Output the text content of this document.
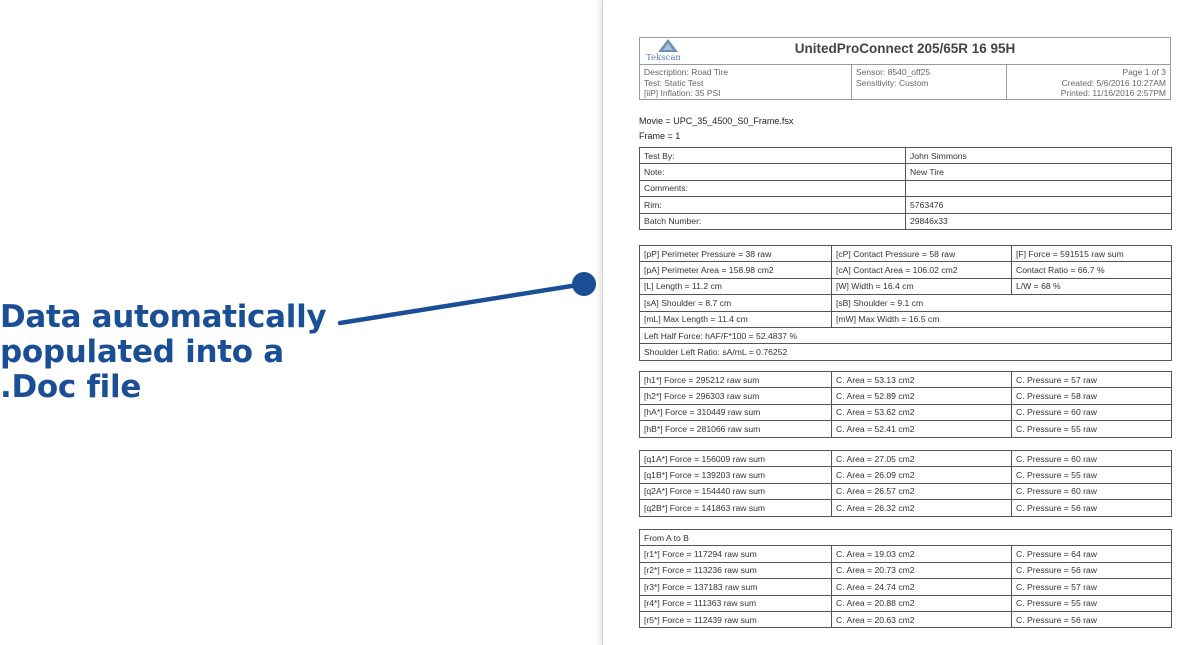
Data automatically
populated into a
.Doc file
Tekscan
UnitedProConnect 205/65R 16 95H
Description: Road Tire
Test: Static Test
[iiP] Inflation: 35 PSI
Sensor: 8540_off25
Sensitivity: Custom
Page 1 of 3
Created: 5/6/2016 10:27AM
Printed: 11/16/2016 2:57PM
Movie = UPC_35_4500_S0_Frame.fsx
Frame = 1
Test By:	John Simmons
Note:	New Tire
Comments:	
Rim:	5763476
Batch Number:	29846x33
[pP] Perimeter Pressure = 38 raw	[cP] Contact Pressure = 58 raw	[F] Force = 591515 raw sum
[pA] Perimeter Area = 158.98 cm2	[cA] Contact Area = 106.02 cm2	Contact Ratio = 66.7 %
[L] Length = 11.2 cm	[W] Width = 16.4 cm	L/W = 68 %
[sA] Shoulder = 8.7 cm	[sB] Shoulder = 9.1 cm	
[mL] Max Length = 11.4 cm	[mW] Max Width = 16.5 cm	
Left Half Force: hAF/F*100 = 52.4837 %		
Shoulder Left Ratio: sA/mL = 0.76252		
[h1*] Force = 295212 raw sum	C. Area = 53.13 cm2	C. Pressure = 57 raw
[h2*] Force = 296303 raw sum	C. Area = 52.89 cm2	C. Pressure = 58 raw
[hA*] Force = 310449 raw sum	C. Area = 53.62 cm2	C. Pressure = 60 raw
[hB*] Force = 281066 raw sum	C. Area = 52.41 cm2	C. Pressure = 55 raw
[q1A*] Force = 156009 raw sum	C. Area = 27.05 cm2	C. Pressure = 60 raw
[q1B*] Force = 139203 raw sum	C. Area = 26.09 cm2	C. Pressure = 55 raw
[q2A*] Force = 154440 raw sum	C. Area = 26.57 cm2	C. Pressure = 60 raw
[q2B*] Force = 141863 raw sum	C. Area = 26.32 cm2	C. Pressure = 56 raw
From A to B		
[r1*] Force = 117294 raw sum	C. Area = 19.03 cm2	C. Pressure = 64 raw
[r2*] Force = 113236 raw sum	C. Area = 20.73 cm2	C. Pressure = 56 raw
[r3*] Force = 137183 raw sum	C. Area = 24.74 cm2	C. Pressure = 57 raw
[r4*] Force = 111363 raw sum	C. Area = 20.88 cm2	C. Pressure = 55 raw
[r5*] Force = 112439 raw sum	C. Area = 20.63 cm2	C. Pressure = 56 raw
